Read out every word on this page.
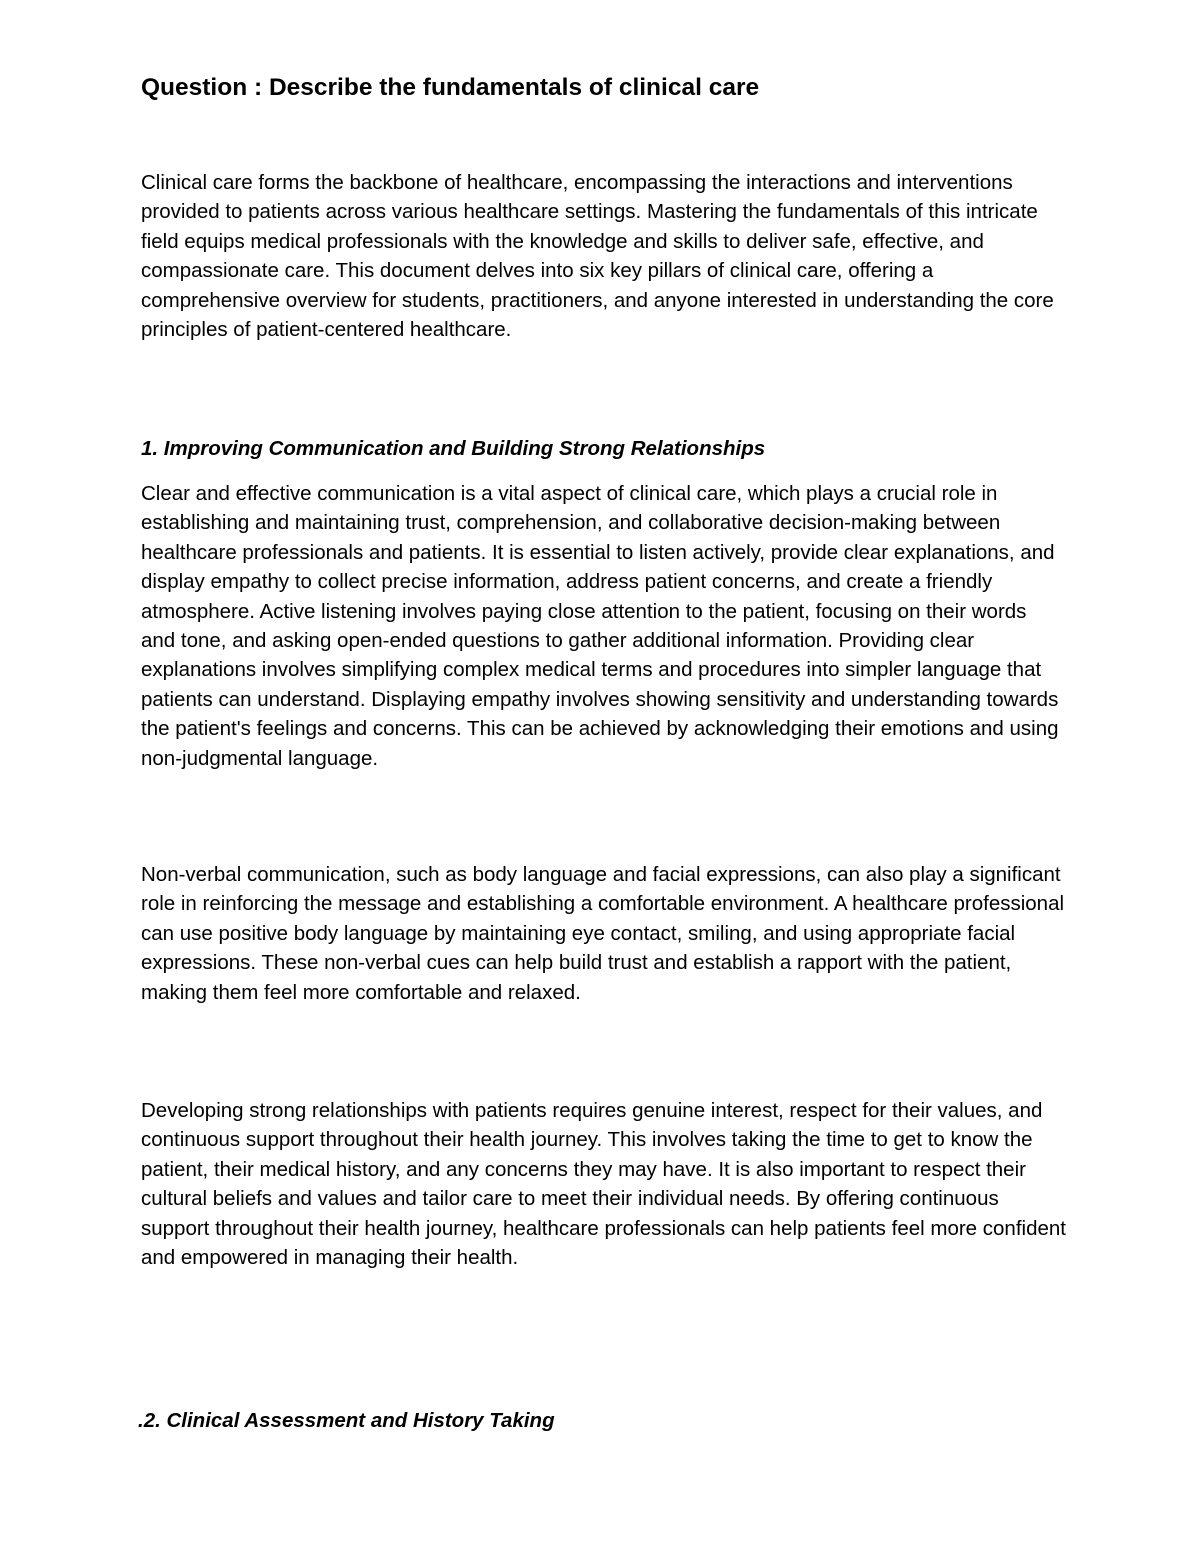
Question : Describe the fundamentals of clinical care

Clinical care forms the backbone of healthcare, encompassing the interactions and interventions provided to patients across various healthcare settings. Mastering the fundamentals of this intricate field equips medical professionals with the knowledge and skills to deliver safe, effective, and compassionate care. This document delves into six key pillars of clinical care, offering a comprehensive overview for students, practitioners, and anyone interested in understanding the core principles of patient-centered healthcare.

1. Improving Communication and Building Strong Relationships

Clear and effective communication is a vital aspect of clinical care, which plays a crucial role in establishing and maintaining trust, comprehension, and collaborative decision-making between healthcare professionals and patients. It is essential to listen actively, provide clear explanations, and display empathy to collect precise information, address patient concerns, and create a friendly atmosphere. Active listening involves paying close attention to the patient, focusing on their words and tone, and asking open-ended questions to gather additional information. Providing clear explanations involves simplifying complex medical terms and procedures into simpler language that patients can understand. Displaying empathy involves showing sensitivity and understanding towards the patient's feelings and concerns. This can be achieved by acknowledging their emotions and using non-judgmental language.

Non-verbal communication, such as body language and facial expressions, can also play a significant role in reinforcing the message and establishing a comfortable environment. A healthcare professional can use positive body language by maintaining eye contact, smiling, and using appropriate facial expressions. These non-verbal cues can help build trust and establish a rapport with the patient, making them feel more comfortable and relaxed.

Developing strong relationships with patients requires genuine interest, respect for their values, and continuous support throughout their health journey. This involves taking the time to get to know the patient, their medical history, and any concerns they may have. It is also important to respect their cultural beliefs and values and tailor care to meet their individual needs. By offering continuous support throughout their health journey, healthcare professionals can help patients feel more confident and empowered in managing their health.

.2. Clinical Assessment and History Taking
